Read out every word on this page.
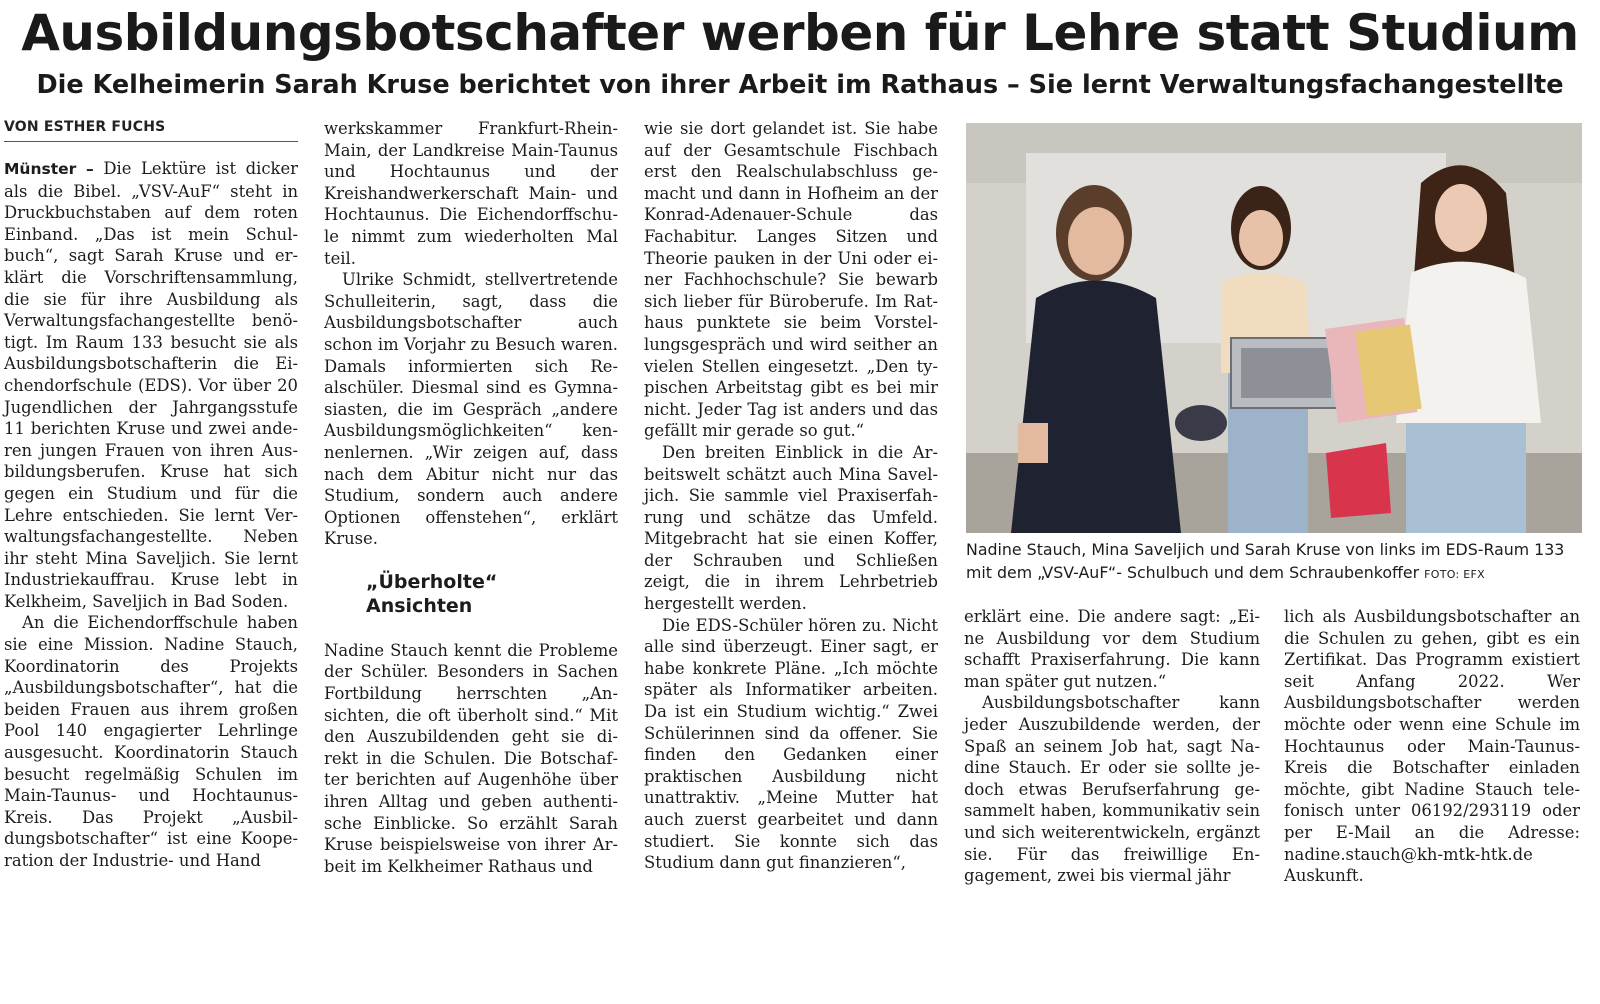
Ausbildungsbotschafter werben für Lehre statt Studium
Die Kelheimerin Sarah Kruse berichtet von ihrer Arbeit im Rathaus – Sie lernt Verwaltungsfachangestellte
VON ESTHER FUCHS

Münster – Die Lektüre ist dicker als die Bibel. „VSV-AuF“ steht in Druckbuchstaben auf dem roten Einband. „Das ist mein Schulbuch“, sagt Sarah Kruse und erklärt die Vorschriftensammlung, die sie für ihre Ausbildung als Verwaltungsfachangestellte benötigt. Im Raum 133 besucht sie als Ausbildungsbotschafterin die Eichendorfschule (EDS). Vor über 20 Jugendlichen der Jahrgangsstufe 11 berichten Kruse und zwei anderen jungen Frauen von ihren Ausbildungsberufen. Kruse hat sich gegen ein Studium und für die Lehre entschieden. Sie lernt Verwaltungsfachangestellte. Neben ihr steht Mina Saveljich. Sie lernt Industriekauffrau. Kruse lebt in Kelkheim, Saveljich in Bad Soden.

An die Eichendorffschule haben sie eine Mission. Nadine Stauch, Koordinatorin des Projekts „Ausbildungsbotschafter“, hat die beiden Frauen aus ihrem großen Pool 140 engagierter Lehrlinge ausgesucht. Koordinatorin Stauch besucht regelmäßig Schulen im Main-Taunus- und Hochtaunus-Kreis. Das Projekt „Ausbildungsbotschafter“ ist eine Kooperation der Industrie- und Hand

werkskammer Frankfurt-Rhein-Main, der Landkreise Main-Taunus und Hochtaunus und der Kreishandwerkerschaft Main- und Hochtaunus. Die Eichendorffschule nimmt zum wiederholten Mal teil.

Ulrike Schmidt, stellvertretende Schulleiterin, sagt, dass die Ausbildungsbotschafter auch schon im Vorjahr zu Besuch waren. Damals informierten sich Realschüler. Diesmal sind es Gymnasiasten, die im Gespräch „andere Ausbildungsmöglichkeiten“ kennenlernen. „Wir zeigen auf, dass nach dem Abitur nicht nur das Studium, sondern auch andere Optionen offenstehen“, erklärt Kruse.

„Überholte“
Ansichten

Nadine Stauch kennt die Probleme der Schüler. Besonders in Sachen Fortbildung herrschten „Ansichten, die oft überholt sind.“ Mit den Auszubildenden geht sie direkt in die Schulen. Die Botschafter berichten auf Augenhöhe über ihren Alltag und geben authentische Einblicke. So erzählt Sarah Kruse beispielsweise von ihrer Arbeit im Kelkheimer Rathaus und

wie sie dort gelandet ist. Sie habe auf der Gesamtschule Fischbach erst den Realschulabschluss gemacht und dann in Hofheim an der Konrad-Adenauer-Schule das Fachabitur. Langes Sitzen und Theorie pauken in der Uni oder einer Fachhochschule? Sie bewarb sich lieber für Büroberufe. Im Rathaus punktete sie beim Vorstellungsgespräch und wird seither an vielen Stellen eingesetzt. „Den typischen Arbeitstag gibt es bei mir nicht. Jeder Tag ist anders und das gefällt mir gerade so gut.“

Den breiten Einblick in die Arbeitswelt schätzt auch Mina Saveljich. Sie sammle viel Praxiserfahrung und schätze das Umfeld. Mitgebracht hat sie einen Koffer, der Schrauben und Schließen zeigt, die in ihrem Lehrbetrieb hergestellt werden.

Die EDS-Schüler hören zu. Nicht alle sind überzeugt. Einer sagt, er habe konkrete Pläne. „Ich möchte später als Informatiker arbeiten. Da ist ein Studium wichtig.“ Zwei Schülerinnen sind da offener. Sie finden den Gedanken einer praktischen Ausbildung nicht unattraktiv. „Meine Mutter hat auch zuerst gearbeitet und dann studiert. Sie konnte sich das Studium dann gut finanzieren“,

Nadine Stauch, Mina Saveljich und Sarah Kruse von links im EDS-Raum 133 mit dem „VSV-AuF“- Schulbuch und dem Schraubenkoffer FOTO: EFX

erklärt eine. Die andere sagt: „Eine Ausbildung vor dem Studium schafft Praxiserfahrung. Die kann man später gut nutzen.“

Ausbildungsbotschafter kann jeder Auszubildende werden, der Spaß an seinem Job hat, sagt Nadine Stauch. Er oder sie sollte jedoch etwas Berufserfahrung gesammelt haben, kommunikativ sein und sich weiterentwickeln, ergänzt sie. Für das freiwillige Engagement, zwei bis viermal jähr

lich als Ausbildungsbotschafter an die Schulen zu gehen, gibt es ein Zertifikat. Das Programm existiert seit Anfang 2022. Wer Ausbildungsbotschafter werden möchte oder wenn eine Schule im Hochtaunus oder Main-Taunus-Kreis die Botschafter einladen möchte, gibt Nadine Stauch telefonisch unter 06192/293119 oder per E-Mail an die Adresse: nadine.stauch@kh-mtk-htk.de Auskunft.
